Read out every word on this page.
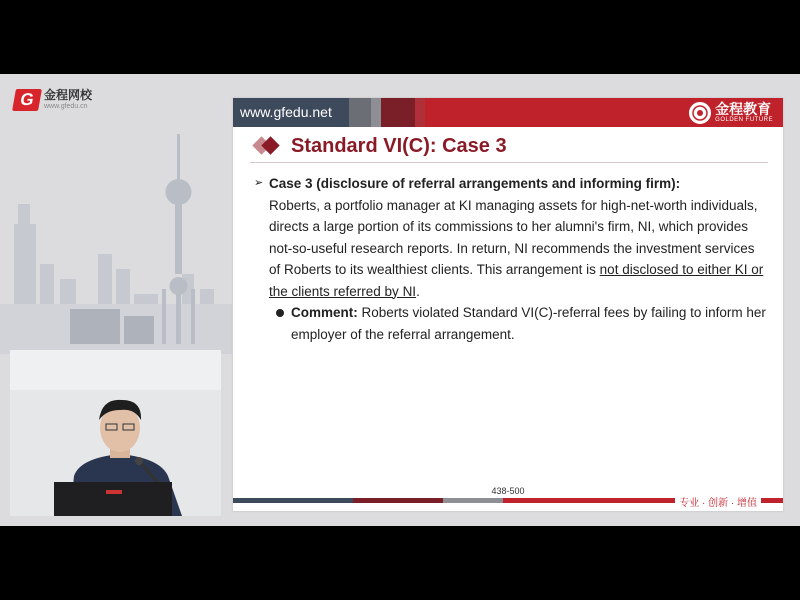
G 金程网校
www.gfedu.cn	www.gfedu.net	金程教育
GOLDEN FUTURE
Standard VI(C): Case 3
➢ Case 3 (disclosure of referral arrangements and informing firm):
Roberts, a portfolio manager at KI managing assets for high-net-worth individuals, directs a large portion of its commissions to her alumni's firm, NI, which provides not-so-useful research reports. In return, NI recommends the investment services of Roberts to its wealthiest clients. This arrangement is not disclosed to either KI or the clients referred by NI.
Comment: Roberts violated Standard VI(C)-referral fees by failing to inform her employer of the referral arrangement.
438-500
专业 · 创新 · 增值
